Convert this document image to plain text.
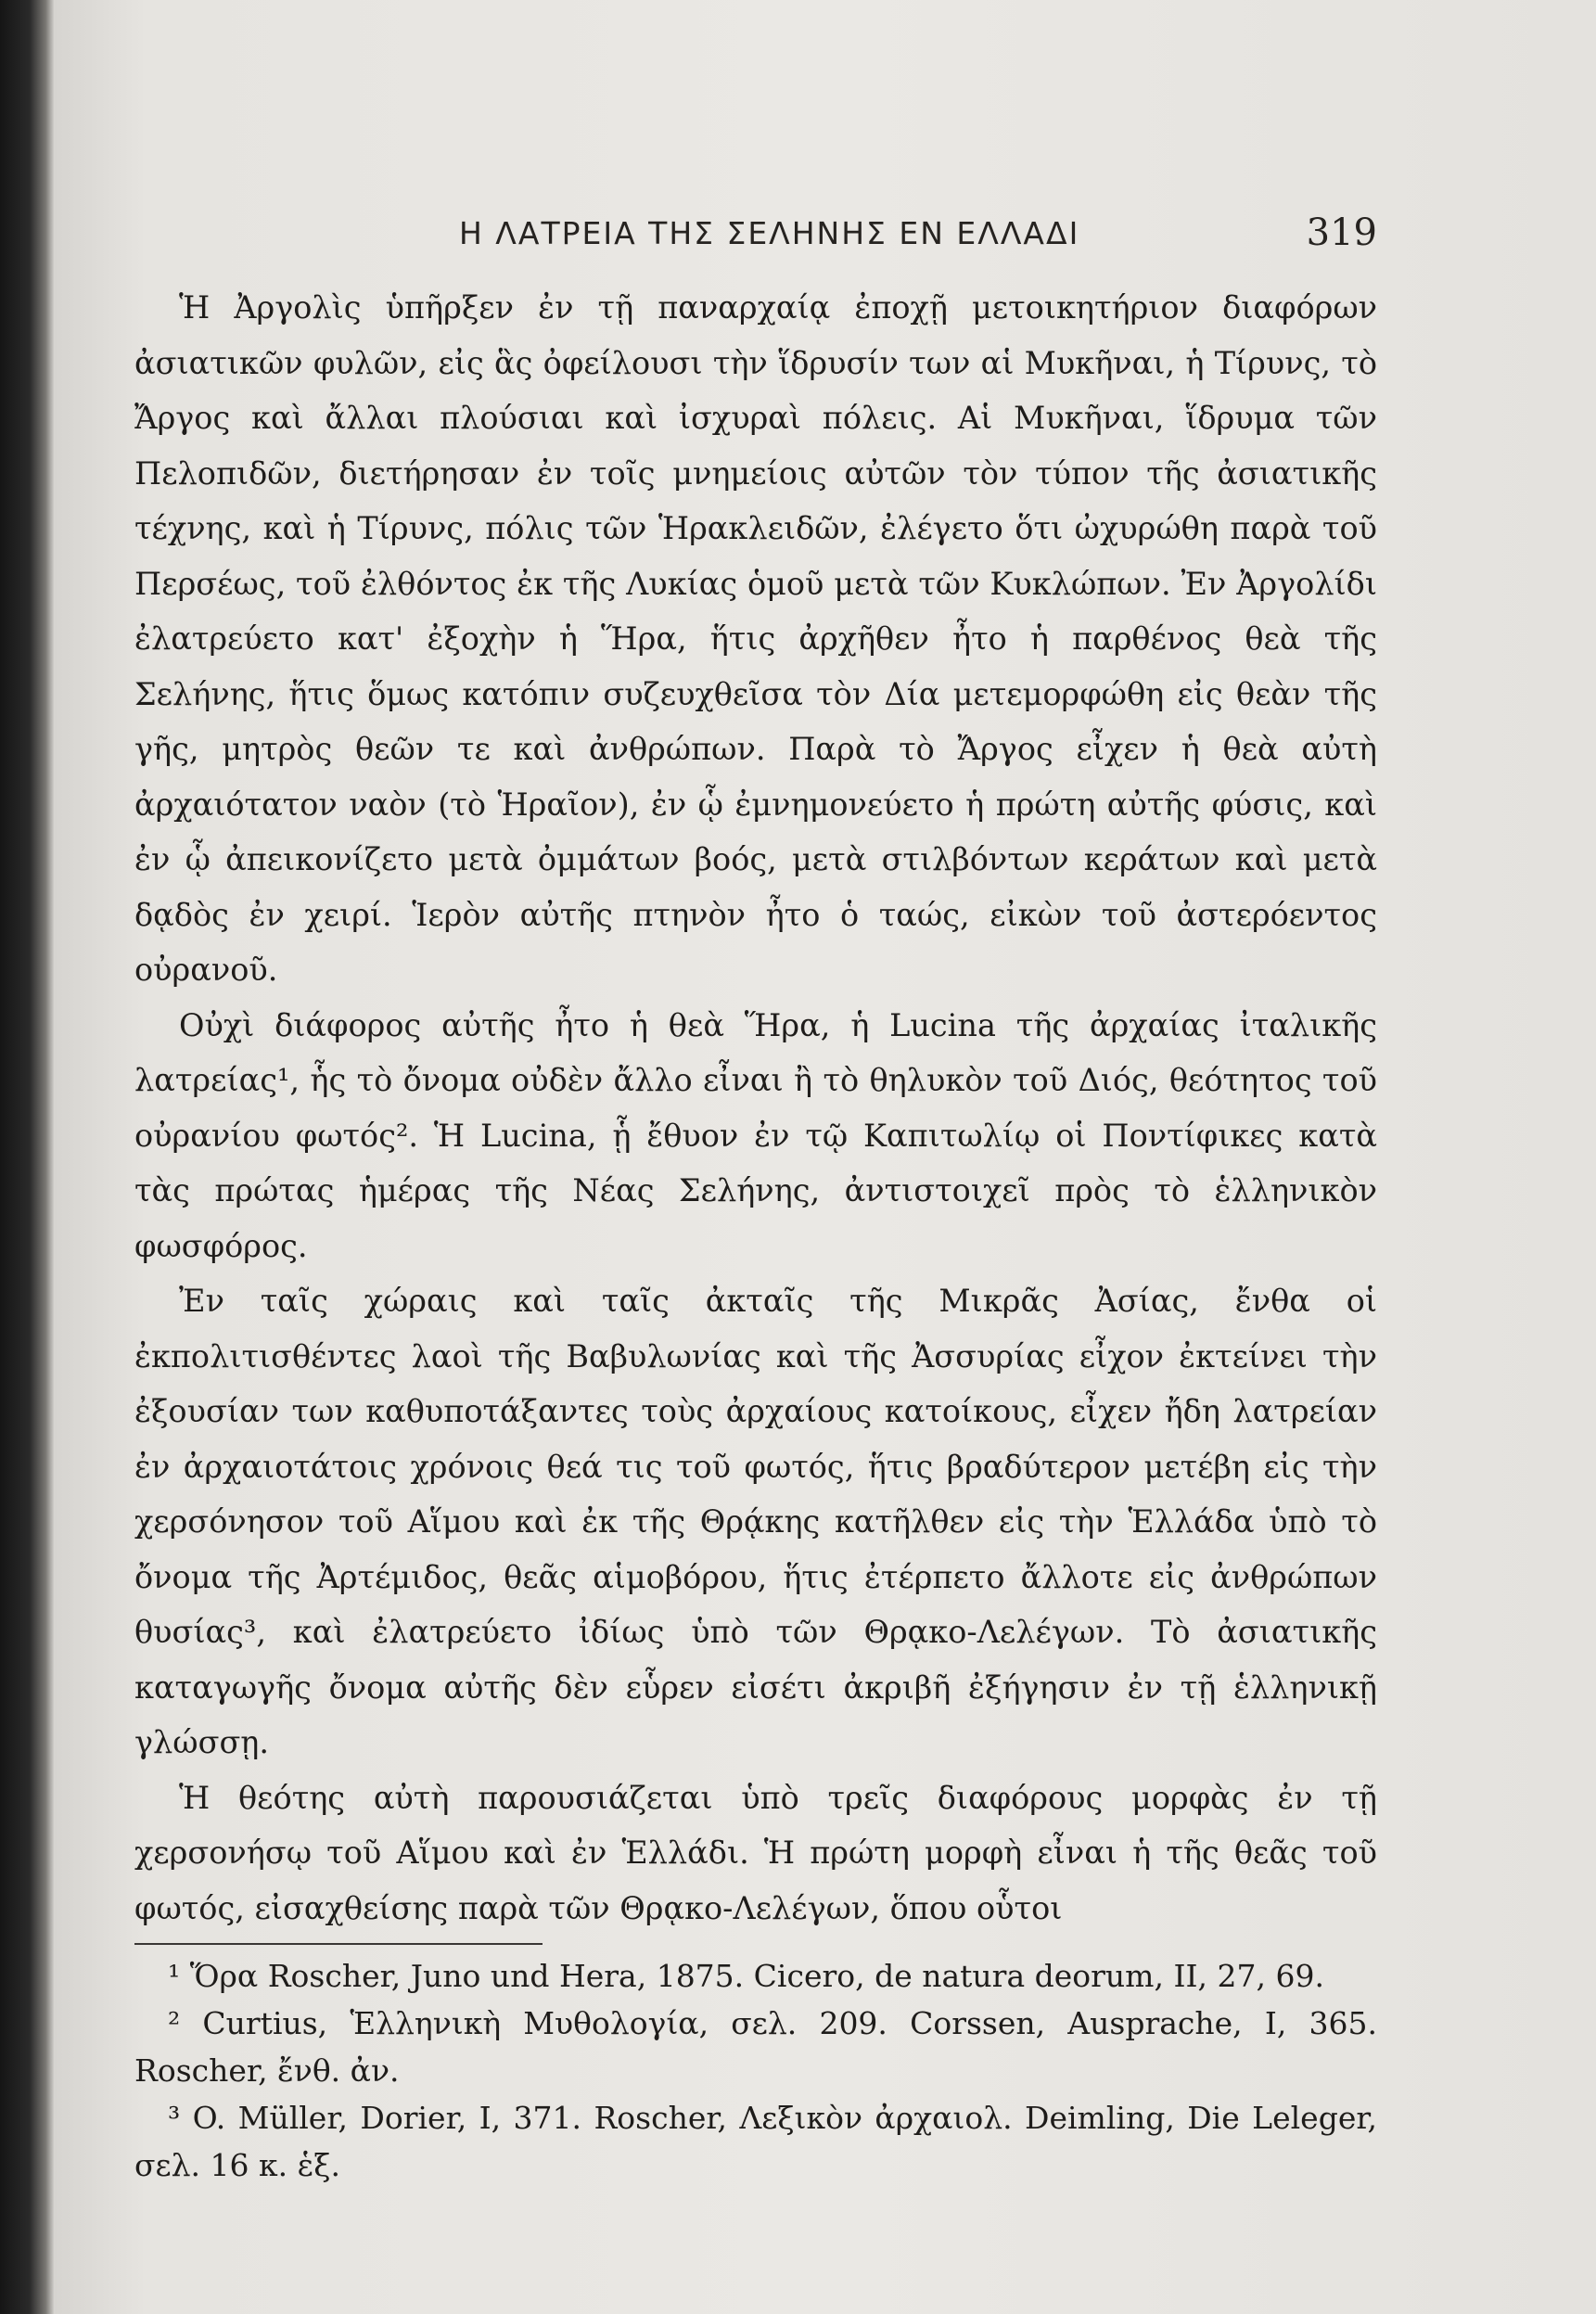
Η ΛΑΤΡΕΙΑ ΤΗΣ ΣΕΛΗΝΗΣ ΕΝ ΕΛΛΑΔΙ	319

Ἡ Ἀργολὶς ὑπῆρξεν ἐν τῇ παναρχαίᾳ ἐποχῇ μετοικητήριον διαφόρων ἀσιατικῶν φυλῶν, εἰς ἃς ὀφείλουσι τὴν ἵδρυσίν των αἱ Μυκῆναι, ἡ Τίρυνς, τὸ Ἄργος καὶ ἄλλαι πλούσιαι καὶ ἰσχυραὶ πόλεις. Αἱ Μυκῆναι, ἵδρυμα τῶν Πελοπιδῶν, διετήρησαν ἐν τοῖς μνημείοις αὐτῶν τὸν τύπον τῆς ἀσιατικῆς τέχνης, καὶ ἡ Τίρυνς, πόλις τῶν Ἡρακλειδῶν, ἐλέγετο ὅτι ὠχυρώθη παρὰ τοῦ Περσέως, τοῦ ἐλθόντος ἐκ τῆς Λυκίας ὁμοῦ μετὰ τῶν Κυκλώπων. Ἐν Ἀργολίδι ἐλατρεύετο κατ' ἐξοχὴν ἡ Ἥρα, ἥτις ἀρχῆθεν ἦτο ἡ παρθένος θεὰ τῆς Σελήνης, ἥτις ὅμως κατόπιν συζευχθεῖσα τὸν Δία μετεμορφώθη εἰς θεὰν τῆς γῆς, μητρὸς θεῶν τε καὶ ἀνθρώπων. Παρὰ τὸ Ἄργος εἶχεν ἡ θεὰ αὐτὴ ἀρχαιότατον ναὸν (τὸ Ἡραῖον), ἐν ᾧ ἐμνημονεύετο ἡ πρώτη αὐτῆς φύσις, καὶ ἐν ᾧ ἀπεικονίζετο μετὰ ὀμμάτων βοός, μετὰ στιλβόντων κεράτων καὶ μετὰ δᾳδὸς ἐν χειρί. Ἱερὸν αὐτῆς πτηνὸν ἦτο ὁ ταώς, εἰκὼν τοῦ ἀστερόεντος οὐρανοῦ.

Οὐχὶ διάφορος αὐτῆς ἦτο ἡ θεὰ Ἥρα, ἡ Lucina τῆς ἀρχαίας ἰταλικῆς λατρείας¹, ἧς τὸ ὄνομα οὐδὲν ἄλλο εἶναι ἢ τὸ θηλυκὸν τοῦ Διός, θεότητος τοῦ οὐρανίου φωτός². Ἡ Lucina, ᾗ ἔθυον ἐν τῷ Καπιτωλίῳ οἱ Ποντίφικες κατὰ τὰς πρώτας ἡμέρας τῆς Νέας Σελήνης, ἀντιστοιχεῖ πρὸς τὸ ἑλληνικὸν φωσφόρος.

Ἐν ταῖς χώραις καὶ ταῖς ἀκταῖς τῆς Μικρᾶς Ἀσίας, ἔνθα οἱ ἐκπολιτισθέντες λαοὶ τῆς Βαβυλωνίας καὶ τῆς Ἀσσυρίας εἶχον ἐκτείνει τὴν ἐξουσίαν των καθυποτάξαντες τοὺς ἀρχαίους κατοίκους, εἶχεν ἤδη λατρείαν ἐν ἀρχαιοτάτοις χρόνοις θεά τις τοῦ φωτός, ἥτις βραδύτερον μετέβη εἰς τὴν χερσόνησον τοῦ Αἵμου καὶ ἐκ τῆς Θρᾴκης κατῆλθεν εἰς τὴν Ἑλλάδα ὑπὸ τὸ ὄνομα τῆς Ἀρτέμιδος, θεᾶς αἱμοβόρου, ἥτις ἐτέρπετο ἄλλοτε εἰς ἀνθρώπων θυσίας³, καὶ ἐλατρεύετο ἰδίως ὑπὸ τῶν Θρᾳκο-Λελέγων. Τὸ ἀσιατικῆς καταγωγῆς ὄνομα αὐτῆς δὲν εὗρεν εἰσέτι ἀκριβῆ ἐξήγησιν ἐν τῇ ἑλληνικῇ γλώσσῃ.

Ἡ θεότης αὐτὴ παρουσιάζεται ὑπὸ τρεῖς διαφόρους μορφὰς ἐν τῇ χερσονήσῳ τοῦ Αἵμου καὶ ἐν Ἑλλάδι. Ἡ πρώτη μορφὴ εἶναι ἡ τῆς θεᾶς τοῦ φωτός, εἰσαχθείσης παρὰ τῶν Θρᾳκο-Λελέγων, ὅπου οὗτοι

¹ Ὅρα Roscher, Juno und Hera, 1875. Cicero, de natura deorum, II, 27, 69.

² Curtius, Ἑλληνικὴ Μυθολογία, σελ. 209. Corssen, Ausprache, I, 365. Roscher, ἔνθ. ἀν.

³ O. Müller, Dorier, I, 371. Roscher, Λεξικὸν ἀρχαιολ. Deimling, Die Leleger, σελ. 16 κ. ἑξ.
